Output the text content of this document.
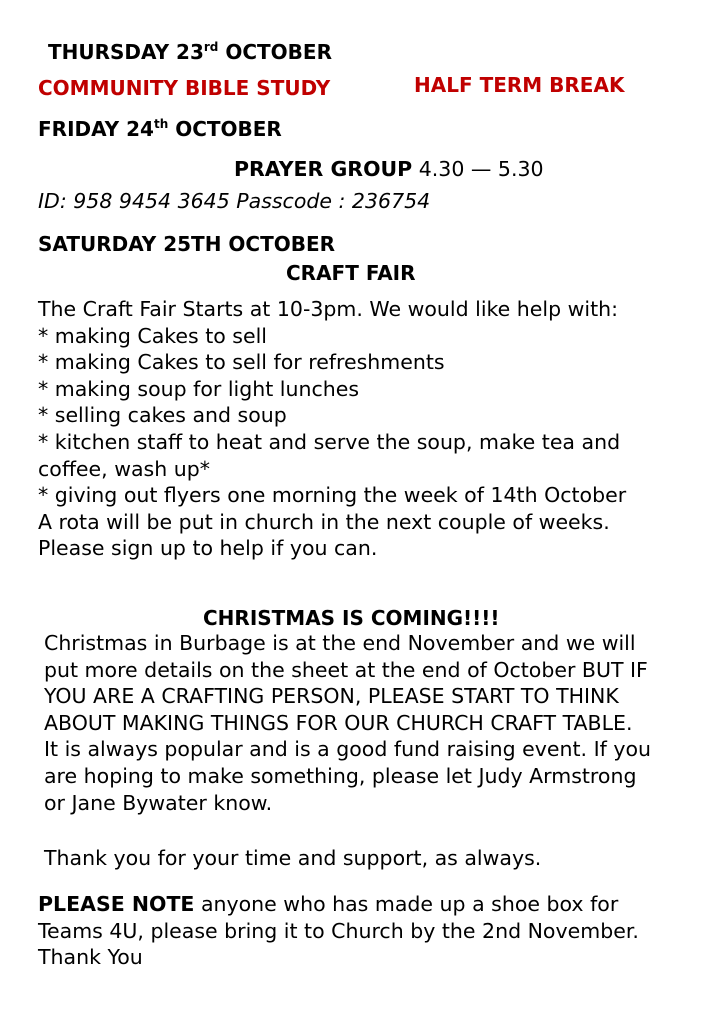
THURSDAY 23rd OCTOBER
COMMUNITY BIBLE STUDY	HALF TERM BREAK
FRIDAY 24th OCTOBER
PRAYER GROUP 4.30 — 5.30
ID: 958 9454 3645 Passcode : 236754
SATURDAY 25TH OCTOBER
CRAFT FAIR
The Craft Fair Starts at 10-3pm. We would like help with:
* making Cakes to sell
* making Cakes to sell for refreshments
* making soup for light lunches
* selling cakes and soup
* kitchen staff to heat and serve the soup, make tea and
coffee, wash up*
* giving out flyers one morning the week of 14th October
A rota will be put in church in the next couple of weeks.
Please sign up to help if you can.
CHRISTMAS IS COMING!!!!
Christmas in Burbage is at the end November and we will
put more details on the sheet at the end of October BUT IF
YOU ARE A CRAFTING PERSON, PLEASE START TO THINK
ABOUT MAKING THINGS FOR OUR CHURCH CRAFT TABLE.
It is always popular and is a good fund raising event. If you
are hoping to make something, please let Judy Armstrong
or Jane Bywater know.
Thank you for your time and support, as always.
PLEASE NOTE anyone who has made up a shoe box for
Teams 4U, please bring it to Church by the 2nd November.
Thank You
